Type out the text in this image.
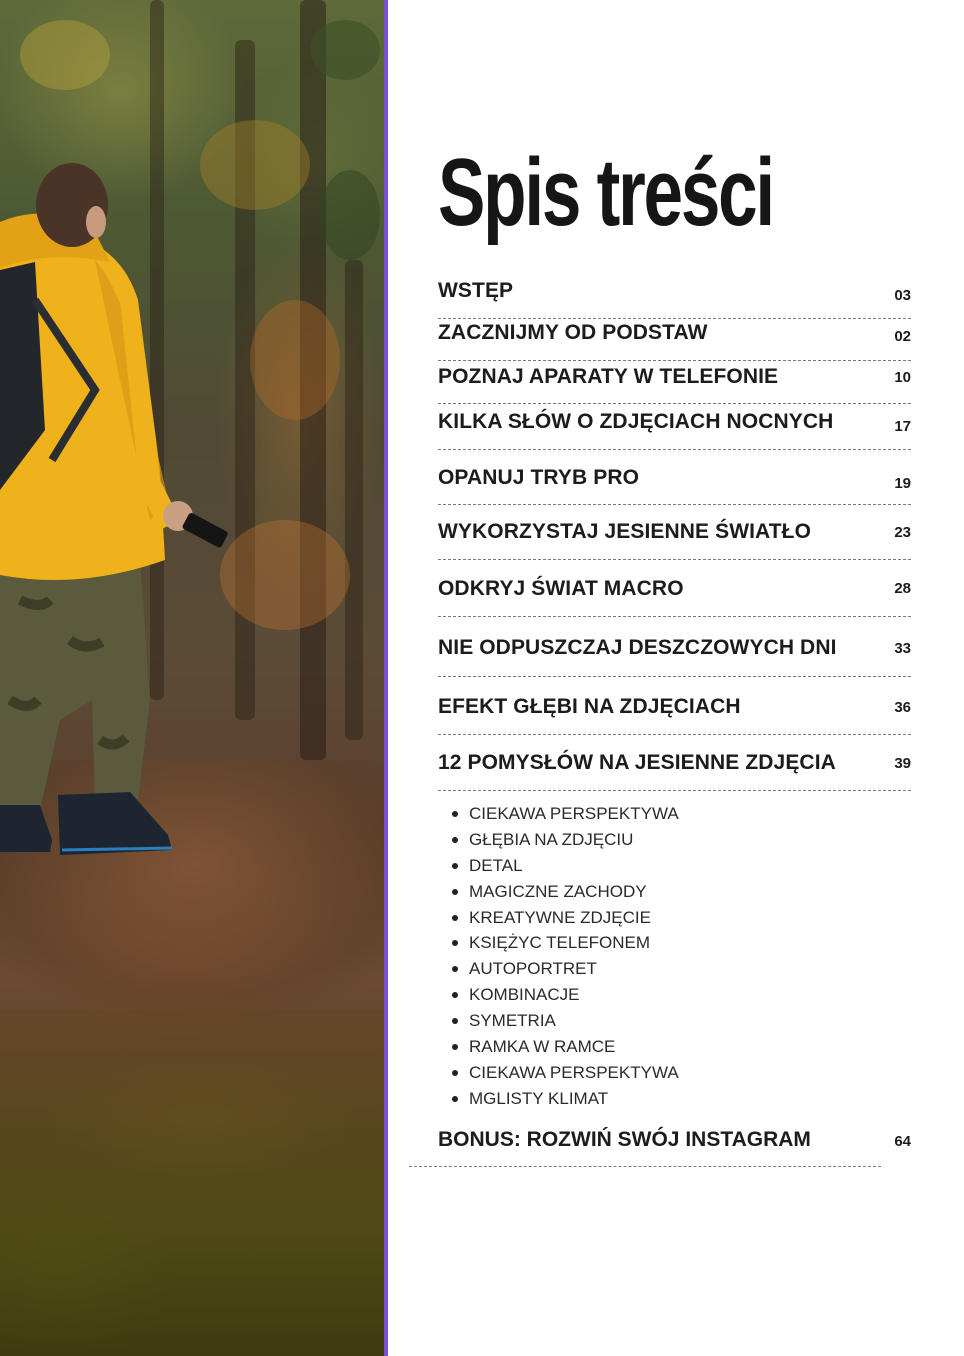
Spis treści
WSTĘP	03
ZACZNIJMY OD PODSTAW	02
POZNAJ APARATY W TELEFONIE	10
KILKA SŁÓW O ZDJĘCIACH NOCNYCH	17
OPANUJ TRYB PRO	19
WYKORZYSTAJ JESIENNE ŚWIATŁO	23
ODKRYJ ŚWIAT MACRO	28
NIE ODPUSZCZAJ DESZCZOWYCH DNI	33
EFEKT GŁĘBI NA ZDJĘCIACH	36
12 POMYSŁÓW NA JESIENNE ZDJĘCIA	39
CIEKAWA PERSPEKTYWA
GŁĘBIA NA ZDJĘCIU
DETAL
MAGICZNE ZACHODY
KREATYWNE ZDJĘCIE
KSIĘŻYC TELEFONEM
AUTOPORTRET
KOMBINACJE
SYMETRIA
RAMKA W RAMCE
CIEKAWA PERSPEKTYWA
MGLISTY KLIMAT
BONUS: ROZWIŃ SWÓJ INSTAGRAM	64
